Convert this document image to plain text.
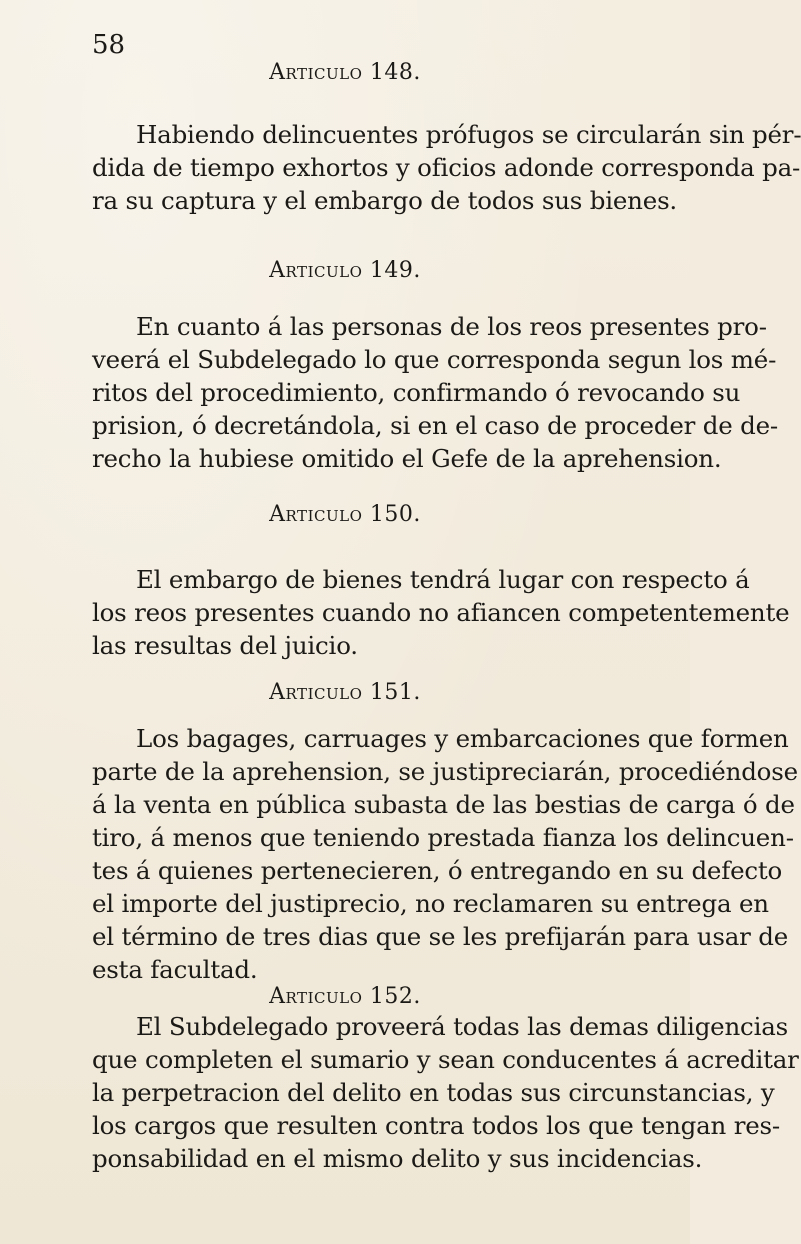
58
Articulo 148.
Habiendo delincuentes prófugos se circularán sin pér-
dida de tiempo exhortos y oficios adonde corresponda pa-
ra su captura y el embargo de todos sus bienes.
Articulo 149.
En cuanto á las personas de los reos presentes pro-
veerá el Subdelegado lo que corresponda segun los mé-
ritos del procedimiento, confirmando ó revocando su
prision, ó decretándola, si en el caso de proceder de de-
recho la hubiese omitido el Gefe de la aprehension.
Articulo 150.
El embargo de bienes tendrá lugar con respecto á
los reos presentes cuando no afiancen competentemente
las resultas del juicio.
Articulo 151.
Los bagages, carruages y embarcaciones que formen
parte de la aprehension, se justipreciarán, procediéndose
á la venta en pública subasta de las bestias de carga ó de
tiro, á menos que teniendo prestada fianza los delincuen-
tes á quienes pertenecieren, ó entregando en su defecto
el importe del justiprecio, no reclamaren su entrega en
el término de tres dias que se les prefijarán para usar de
esta facultad.
Articulo 152.
El Subdelegado proveerá todas las demas diligencias
que completen el sumario y sean conducentes á acreditar
la perpetracion del delito en todas sus circunstancias, y
los cargos que resulten contra todos los que tengan res-
ponsabilidad en el mismo delito y sus incidencias.
